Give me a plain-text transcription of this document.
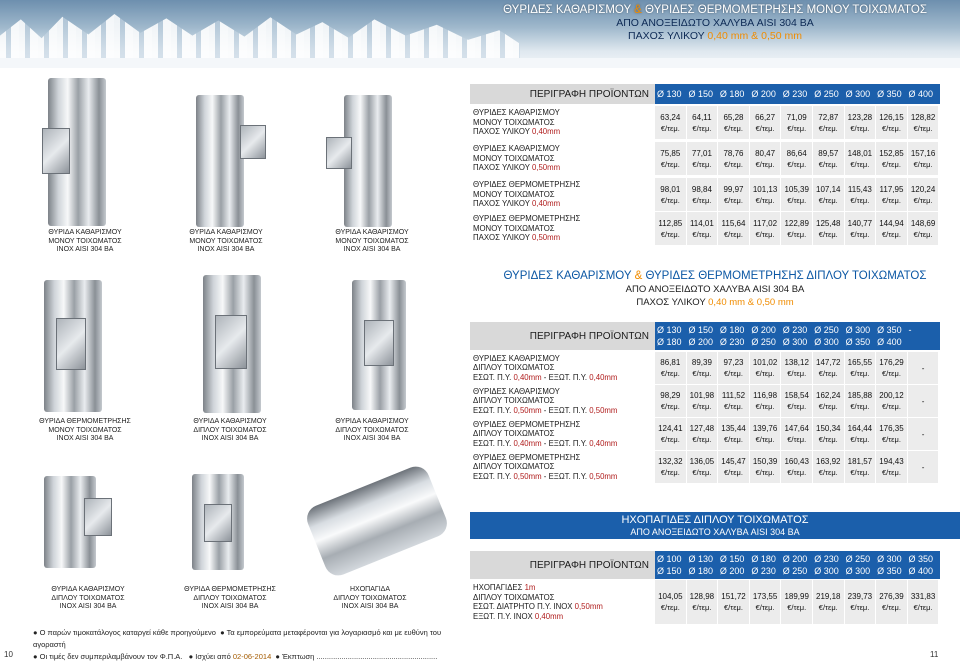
ΘΥΡΙΔΕΣ ΚΑΘΑΡΙΣΜΟΥ & ΘΥΡΙΔΕΣ ΘΕΡΜΟΜΕΤΡΗΣΗΣ ΜΟΝΟΥ ΤΟΙΧΩΜΑΤΟΣ
ΑΠΟ ΑΝΟΞΕΙΔΩΤΟ ΧΑΛΥΒΑ AISI 304 BA
ΠΑΧΟΣ ΥΛΙΚΟΥ 0,40 mm & 0,50 mm
ΘΥΡΙΔΑ ΚΑΘΑΡΙΣΜΟΥ
ΜΟΝΟΥ ΤΟΙΧΩΜΑΤΟΣ
INOX AISI 304 BA
ΘΥΡΙΔΑ ΚΑΘΑΡΙΣΜΟΥ
ΜΟΝΟΥ ΤΟΙΧΩΜΑΤΟΣ
INOX AISI 304 BA
ΘΥΡΙΔΑ ΚΑΘΑΡΙΣΜΟΥ
ΜΟΝΟΥ ΤΟΙΧΩΜΑΤΟΣ
INOX AISI 304 BA
ΠΕΡΙΓΡΑΦΗ ΠΡΟΪΟΝΤΩΝ Ø 130 Ø 150 Ø 180 Ø 200 Ø 230 Ø 250 Ø 300 Ø 350 Ø 400
ΘΥΡΙΔΕΣ ΚΑΘΑΡΙΣΜΟΥ
ΜΟΝΟΥ ΤΟΙΧΩΜΑΤΟΣ
ΠΑΧΟΣ ΥΛΙΚΟΥ 0,40mm
63,24
€/τεμ.
64,11
€/τεμ.
65,28
€/τεμ.
66,27
€/τεμ.
71,09
€/τεμ.
72,87
€/τεμ.
123,28
€/τεμ.
126,15
€/τεμ.
128,82
€/τεμ.
ΘΥΡΙΔΕΣ ΚΑΘΑΡΙΣΜΟΥ
ΜΟΝΟΥ ΤΟΙΧΩΜΑΤΟΣ
ΠΑΧΟΣ ΥΛΙΚΟΥ 0,50mm
75,85
€/τεμ.
77,01
€/τεμ.
78,76
€/τεμ.
80,47
€/τεμ.
86,64
€/τεμ.
89,57
€/τεμ.
148,01
€/τεμ.
152,85
€/τεμ.
157,16
€/τεμ.
ΘΥΡΙΔΕΣ ΘΕΡΜΟΜΕΤΡΗΣΗΣ
ΜΟΝΟΥ ΤΟΙΧΩΜΑΤΟΣ
ΠΑΧΟΣ ΥΛΙΚΟΥ 0,40mm
98,01
€/τεμ.
98,84
€/τεμ.
99,97
€/τεμ.
101,13
€/τεμ.
105,39
€/τεμ.
107,14
€/τεμ.
115,43
€/τεμ.
117,95
€/τεμ.
120,24
€/τεμ.
ΘΥΡΙΔΕΣ ΘΕΡΜΟΜΕΤΡΗΣΗΣ
ΜΟΝΟΥ ΤΟΙΧΩΜΑΤΟΣ
ΠΑΧΟΣ ΥΛΙΚΟΥ 0,50mm
112,85
€/τεμ.
114,01
€/τεμ.
115,64
€/τεμ.
117,02
€/τεμ.
122,89
€/τεμ.
125,48
€/τεμ.
140,77
€/τεμ.
144,94
€/τεμ.
148,69
€/τεμ.
ΘΥΡΙΔΕΣ ΚΑΘΑΡΙΣΜΟΥ & ΘΥΡΙΔΕΣ ΘΕΡΜΟΜΕΤΡΗΣΗΣ ΔΙΠΛΟΥ ΤΟΙΧΩΜΑΤΟΣ
ΑΠΟ ΑΝΟΞΕΙΔΩΤΟ ΧΑΛΥΒΑ AISI 304 BA
ΠΑΧΟΣ ΥΛΙΚΟΥ 0,40 mm & 0,50 mm
ΘΥΡΙΔΑ ΘΕΡΜΟΜΕΤΡΗΣΗΣ
ΜΟΝΟΥ ΤΟΙΧΩΜΑΤΟΣ
INOX AISI 304 BA
ΘΥΡΙΔΑ ΚΑΘΑΡΙΣΜΟΥ
ΔΙΠΛΟΥ ΤΟΙΧΩΜΑΤΟΣ
INOX AISI 304 BA
ΘΥΡΙΔΑ ΚΑΘΑΡΙΣΜΟΥ
ΔΙΠΛΟΥ ΤΟΙΧΩΜΑΤΟΣ
INOX AISI 304 BA
ΠΕΡΙΓΡΑΦΗ ΠΡΟΪΟΝΤΩΝ
Ø 130 Ø 150 Ø 180 Ø 200 Ø 230 Ø 250 Ø 300 Ø 350 -
Ø 180 Ø 200 Ø 230 Ø 250 Ø 300 Ø 300 Ø 350 Ø 400
ΘΥΡΙΔΕΣ ΚΑΘΑΡΙΣΜΟΥ
ΔΙΠΛΟΥ ΤΟΙΧΩΜΑΤΟΣ
ΕΣΩΤ. Π.Υ. 0,40mm - ΕΞΩΤ. Π.Υ. 0,40mm
86,81
€/τεμ.
89,39
€/τεμ.
97,23
€/τεμ.
101,02
€/τεμ.
138,12
€/τεμ.
147,72
€/τεμ.
165,55
€/τεμ.
176,29
€/τεμ.
-
ΘΥΡΙΔΕΣ ΚΑΘΑΡΙΣΜΟΥ
ΔΙΠΛΟΥ ΤΟΙΧΩΜΑΤΟΣ
ΕΣΩΤ. Π.Υ. 0,50mm - ΕΞΩΤ. Π.Υ. 0,50mm
98,29
€/τεμ.
101,98
€/τεμ.
111,52
€/τεμ.
116,98
€/τεμ.
158,54
€/τεμ.
162,24
€/τεμ.
185,88
€/τεμ.
200,12
€/τεμ.
-
ΘΥΡΙΔΕΣ ΘΕΡΜΟΜΕΤΡΗΣΗΣ
ΔΙΠΛΟΥ ΤΟΙΧΩΜΑΤΟΣ
ΕΣΩΤ. Π.Υ. 0,40mm - ΕΞΩΤ. Π.Υ. 0,40mm
124,41
€/τεμ.
127,48
€/τεμ.
135,44
€/τεμ.
139,76
€/τεμ.
147,64
€/τεμ.
150,34
€/τεμ.
164,44
€/τεμ.
176,35
€/τεμ.
-
ΘΥΡΙΔΕΣ ΘΕΡΜΟΜΕΤΡΗΣΗΣ
ΔΙΠΛΟΥ ΤΟΙΧΩΜΑΤΟΣ
ΕΣΩΤ. Π.Υ. 0,50mm - ΕΞΩΤ. Π.Υ. 0,50mm
132,32
€/τεμ.
136,05
€/τεμ.
145,47
€/τεμ.
150,39
€/τεμ.
160,43
€/τεμ.
163,92
€/τεμ.
181,57
€/τεμ.
194,43
€/τεμ.
-
ΗΧΟΠΑΓΙΔΕΣ ΔΙΠΛΟΥ ΤΟΙΧΩΜΑΤΟΣ
ΑΠΟ ΑΝΟΞΕΙΔΩΤΟ ΧΑΛΥΒΑ AISI 304 BA
ΘΥΡΙΔΑ ΚΑΘΑΡΙΣΜΟΥ
ΔΙΠΛΟΥ ΤΟΙΧΩΜΑΤΟΣ
INOX AISI 304 BA
ΘΥΡΙΔΑ ΘΕΡΜΟΜΕΤΡΗΣΗΣ
ΔΙΠΛΟΥ ΤΟΙΧΩΜΑΤΟΣ
INOX AISI 304 BA
ΗΧΟΠΑΓΙΔΑ
ΔΙΠΛΟΥ ΤΟΙΧΩΜΑΤΟΣ
INOX AISI 304 BA
ΠΕΡΙΓΡΑΦΗ ΠΡΟΪΟΝΤΩΝ
Ø 100 Ø 130 Ø 150 Ø 180 Ø 200 Ø 230 Ø 250 Ø 300 Ø 350
Ø 150 Ø 180 Ø 200 Ø 230 Ø 250 Ø 300 Ø 300 Ø 350 Ø 400
ΗΧΟΠΑΓΙΔΕΣ 1m
ΔΙΠΛΟΥ ΤΟΙΧΩΜΑΤΟΣ
ΕΣΩΤ. ΔΙΑΤΡΗΤΟ Π.Υ. INOX 0,50mm
ΕΞΩΤ. Π.Υ. INOX 0,40mm
104,05
€/τεμ.
128,98
€/τεμ.
151,72
€/τεμ.
173,55
€/τεμ.
189,99
€/τεμ.
219,18
€/τεμ.
239,73
€/τεμ.
276,39
€/τεμ.
331,83
€/τεμ.
● Ο παρών τιμοκατάλογος καταργεί κάθε προηγούμενο  ● Τα εμπορεύματα μεταφέρονται για λογαριασμό και με ευθύνη του αγοραστή
● Οι τιμές δεν συμπεριλαμβάνουν τον Φ.Π.Α.   ● Ισχύει από 02-06-2014  ● Έκπτωση ..........................................................
10	11
